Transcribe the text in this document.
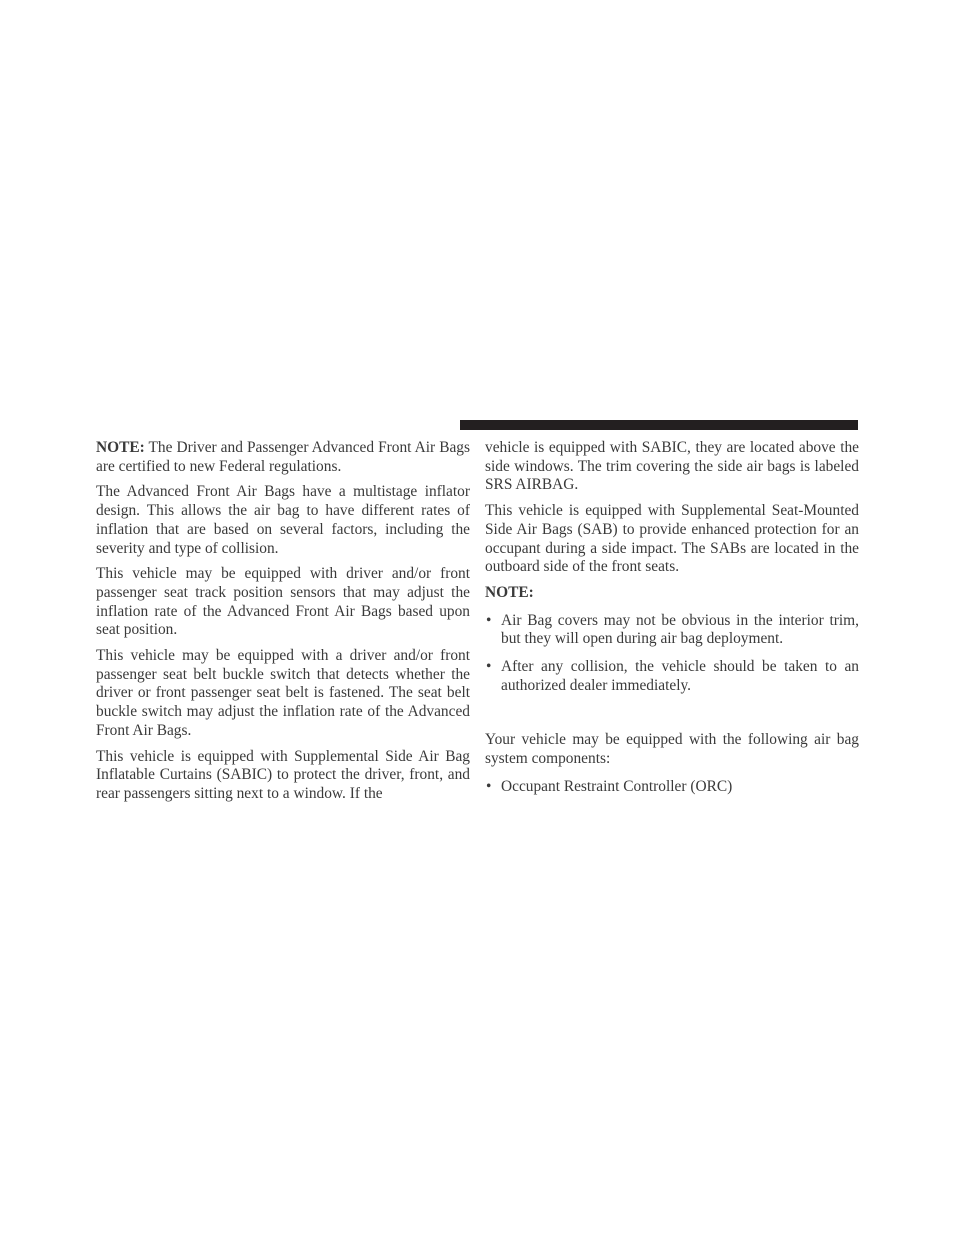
NOTE: The Driver and Passenger Advanced Front Air Bags are certified to new Federal regulations.

The Advanced Front Air Bags have a multistage inflator design. This allows the air bag to have different rates of inflation that are based on several factors, including the severity and type of collision.

This vehicle may be equipped with driver and/or front passenger seat track position sensors that may adjust the inflation rate of the Advanced Front Air Bags based upon seat position.

This vehicle may be equipped with a driver and/or front passenger seat belt buckle switch that detects whether the driver or front passenger seat belt is fastened. The seat belt buckle switch may adjust the inflation rate of the Advanced Front Air Bags.

This vehicle is equipped with Supplemental Side Air Bag Inflatable Curtains (SABIC) to protect the driver, front, and rear passengers sitting next to a window. If the

vehicle is equipped with SABIC, they are located above the side windows. The trim covering the side air bags is labeled SRS AIRBAG.

This vehicle is equipped with Supplemental Seat-Mounted Side Air Bags (SAB) to provide enhanced protection for an occupant during a side impact. The SABs are located in the outboard side of the front seats.

NOTE:

• Air Bag covers may not be obvious in the interior trim, but they will open during air bag deployment.
• After any collision, the vehicle should be taken to an authorized dealer immediately.

Your vehicle may be equipped with the following air bag system components:

• Occupant Restraint Controller (ORC)
